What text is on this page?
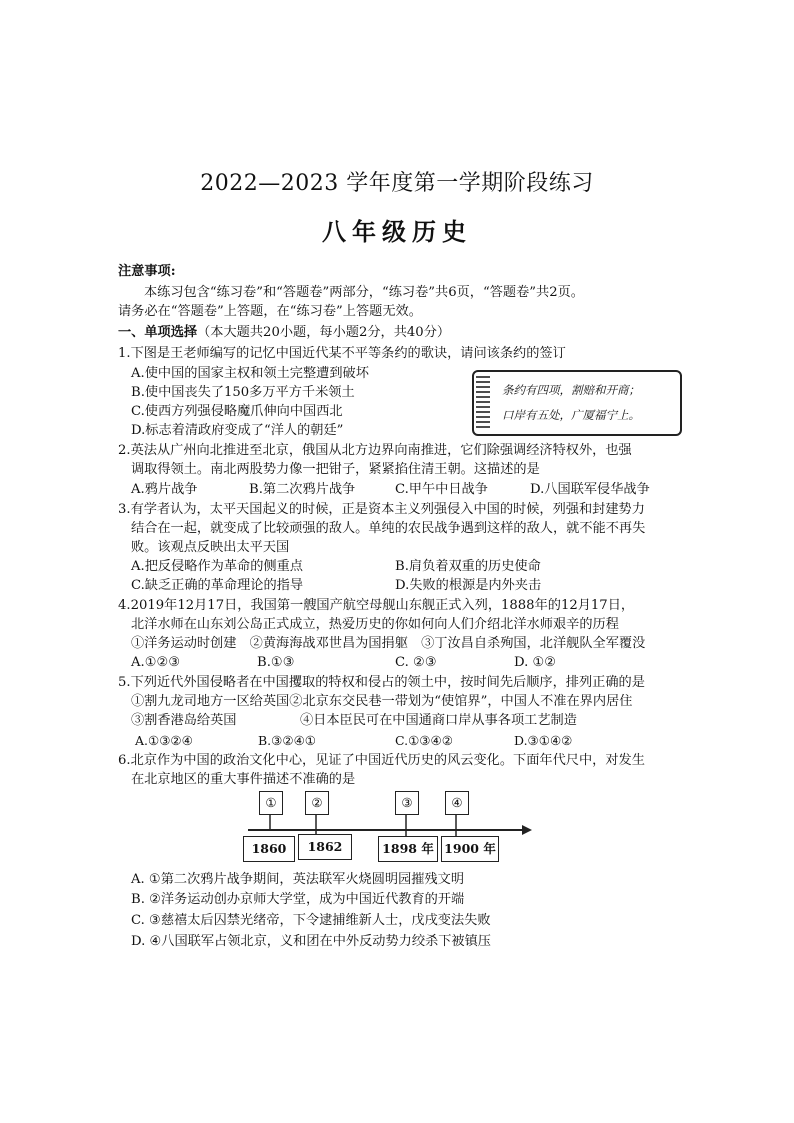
2022—2023 学年度第一学期阶段练习
八年级历史
注意事项:
本练习包含“练习卷”和“答题卷”两部分，“练习卷”共6页，“答题卷”共2页。
请务必在“答题卷”上答题，在“练习卷”上答题无效。
一、单项选择（本大题共20小题，每小题2分，共40分）
1.下图是王老师编写的记忆中国近代某不平等条约的歌诀，请问该条约的签订
A.使中国的国家主权和领土完整遭到破坏
B.使中国丧失了150多万平方千米领土
C.使西方列强侵略魔爪伸向中国西北
D.标志着清政府变成了“洋人的朝廷”
条约有四项，割赔和开商；
口岸有五处，广厦福宁上。
2.英法从广州向北推进至北京，俄国从北方边界向南推进，它们除强调经济特权外，也强
调取得领土。南北两股势力像一把钳子，紧紧掐住清王朝。这描述的是
A.鸦片战争	B.第二次鸦片战争	C.甲午中日战争	D.八国联军侵华战争
3.有学者认为，太平天国起义的时候，正是资本主义列强侵入中国的时候，列强和封建势力
结合在一起，就变成了比较顽强的敌人。单纯的农民战争遇到这样的敌人，就不能不再失
败。该观点反映出太平天国
A.把反侵略作为革命的侧重点	B.肩负着双重的历史使命
C.缺乏正确的革命理论的指导	D.失败的根源是内外夹击
4.2019年12月17日，我国第一艘国产航空母舰山东舰正式入列，1888年的12月17日，
北洋水师在山东刘公岛正式成立，热爱历史的你如何向人们介绍北洋水师艰辛的历程
①洋务运动时创建　②黄海海战邓世昌为国捐躯　③丁汝昌自杀殉国，北洋舰队全军覆没
A.①②③	B.①③	C. ②③	D. ①②
5.下列近代外国侵略者在中国攫取的特权和侵占的领土中，按时间先后顺序，排列正确的是
①割九龙司地方一区给英国②北京东交民巷一带划为“使馆界”，中国人不准在界内居住
③割香港岛给英国	④日本臣民可在中国通商口岸从事各项工艺制造
A.①③②④	B.③②④①	C.①③④②	D.③①④②
6.北京作为中国的政治文化中心，见证了中国近代历史的风云变化。下面年代尺中，对发生
在北京地区的重大事件描述不准确的是
①	②	③	④
1860	1862	1898 年 1900 年
A. ①第二次鸦片战争期间，英法联军火烧圆明园摧残文明
B. ②洋务运动创办京师大学堂，成为中国近代教育的开端
C. ③慈禧太后囚禁光绪帝，下令逮捕维新人士，戊戌变法失败
D. ④八国联军占领北京，义和团在中外反动势力绞杀下被镇压
